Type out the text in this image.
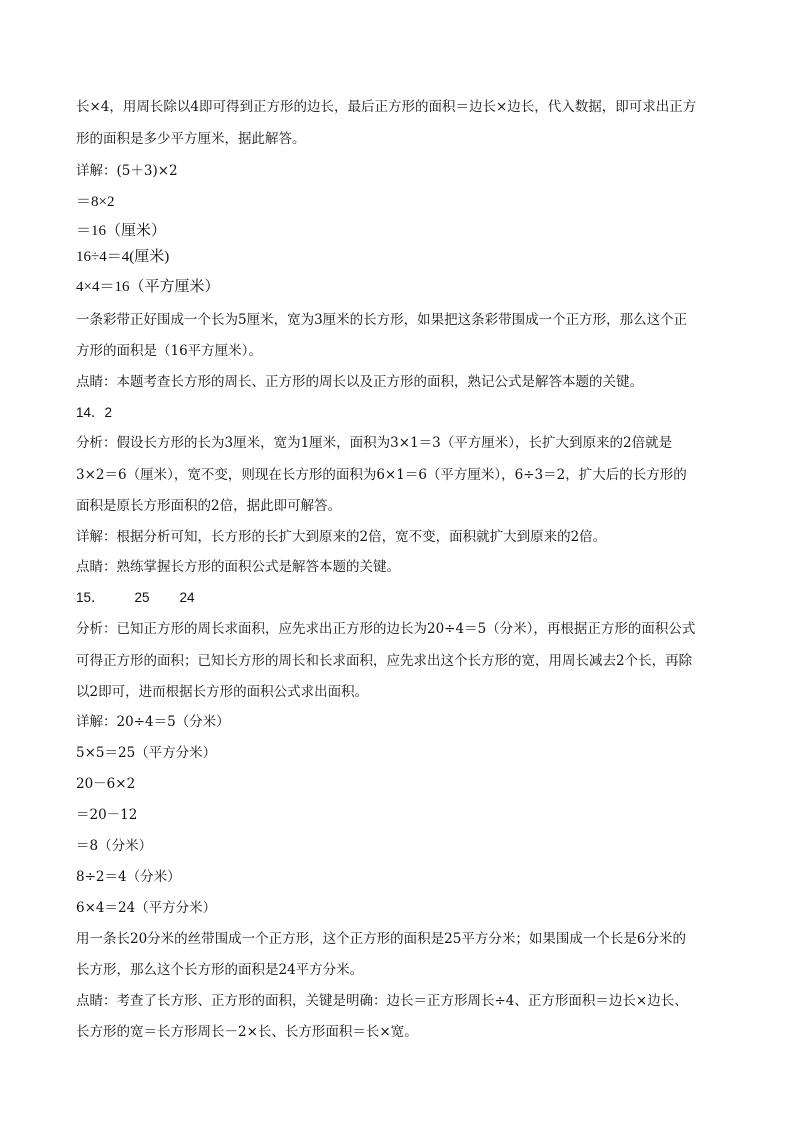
长×4，用周长除以4即可得到正方形的边长，最后正方形的面积＝边长×边长，代入数据，即可求出正方
形的面积是多少平方厘米，据此解答。
详解：(5＋3)×2
＝8×2
＝16（厘米）
16÷4＝4(厘米)
4×4＝16（平方厘米）
一条彩带正好围成一个长为5厘米，宽为3厘米的长方形，如果把这条彩带围成一个正方形，那么这个正
方形的面积是（16平方厘米）。
点睛：本题考查长方形的周长、正方形的周长以及正方形的面积，熟记公式是解答本题的关键。
14．2
分析：假设长方形的长为3厘米，宽为1厘米，面积为3×1＝3（平方厘米），长扩大到原来的2倍就是
3×2＝6（厘米），宽不变，则现在长方形的面积为6×1＝6（平方厘米），6÷3＝2，扩大后的长方形的
面积是原长方形面积的2倍，据此即可解答。
详解：根据分析可知，长方形的长扩大到原来的2倍，宽不变，面积就扩大到原来的2倍。
点睛：熟练掌握长方形的面积公式是解答本题的关键。
15．        25        24
分析：已知正方形的周长求面积，应先求出正方形的边长为20÷4＝5（分米），再根据正方形的面积公式
可得正方形的面积；已知长方形的周长和长求面积，应先求出这个长方形的宽，用周长减去2个长，再除
以2即可，进而根据长方形的面积公式求出面积。
详解：20÷4＝5（分米）
5×5＝25（平方分米）
20－6×2
＝20－12
＝8（分米）
8÷2＝4（分米）
6×4＝24（平方分米）
用一条长20分米的丝带围成一个正方形，这个正方形的面积是25平方分米；如果围成一个长是6分米的
长方形，那么这个长方形的面积是24平方分米。
点睛：考查了长方形、正方形的面积，关键是明确：边长＝正方形周长÷4、正方形面积＝边长×边长、
长方形的宽＝长方形周长－2×长、长方形面积＝长×宽。
